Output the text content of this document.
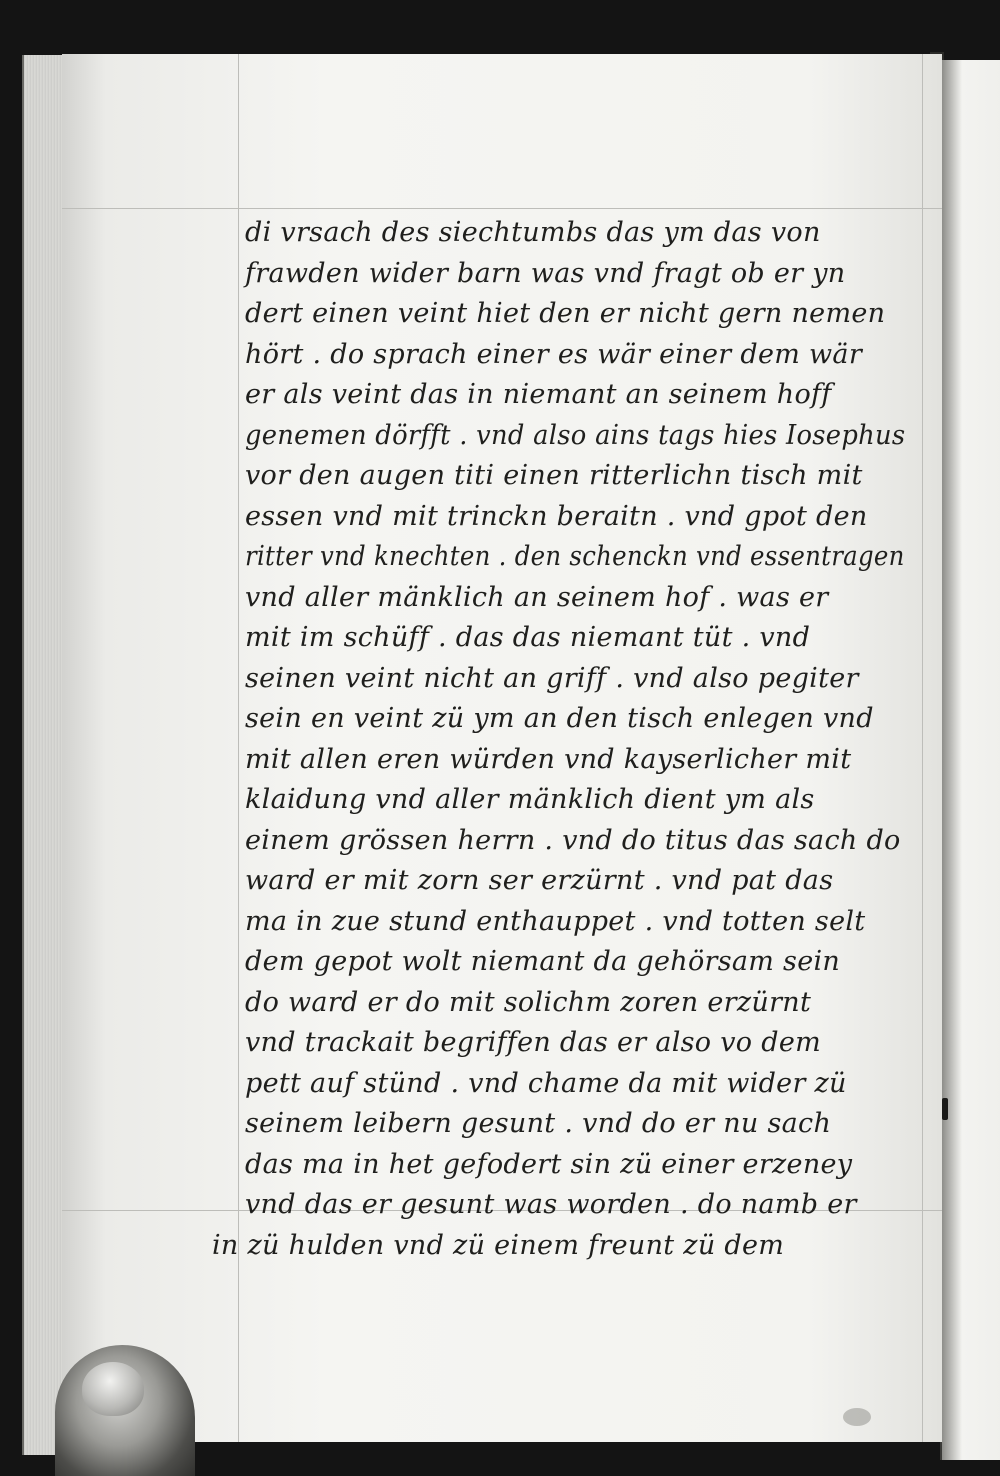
di vrsach des siechtumbs das ym das von

frawden wider barn was vnd fragt ob er yn

dert einen veint hiet den er nicht gern nemen

hört . do sprach einer es wär einer dem wär

er als veint das in niemant an seinem hoff

genemen dörfft . vnd also ains tags hies Iosephus

vor den augen titi einen ritterlichn tisch mit

essen vnd mit trinckn beraitn . vnd gpot den

ritter vnd knechten . den schenckn vnd essentragen

vnd aller mänklich an seinem hof . was er

mit im schüff . das das niemant tüt . vnd

seinen veint nicht an griff . vnd also pegiter

sein en veint zü ym an den tisch enlegen vnd

mit allen eren würden vnd kayserlicher mit

klaidung vnd aller mänklich dient ym als

einem grössen herrn . vnd do titus das sach do

ward er mit zorn ser erzürnt . vnd pat das

ma in zue stund enthauppet . vnd totten selt

dem gepot wolt niemant da gehörsam sein

do ward er do mit solichm zoren erzürnt

vnd trackait begriffen das er also vo dem

pett auf stünd . vnd chame da mit wider zü

seinem leibern gesunt . vnd do er nu sach

das ma in het gefodert sin zü einer erzeney

vnd das er gesunt was worden . do namb er

in zü hulden vnd zü einem freunt zü dem
